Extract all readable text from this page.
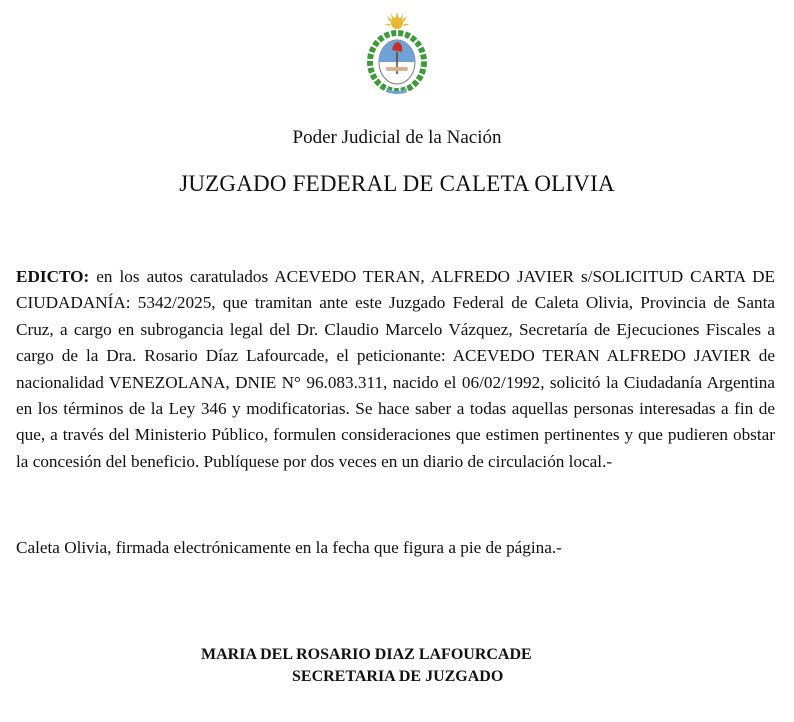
Poder Judicial de la Nación
JUZGADO FEDERAL DE CALETA OLIVIA

EDICTO: en los autos caratulados ACEVEDO TERAN, ALFREDO JAVIER s/SOLICITUD CARTA DE CIUDADANÍA: 5342/2025, que tramitan ante este Juzgado Federal de Caleta Olivia, Provincia de Santa Cruz, a cargo en subrogancia legal del Dr. Claudio Marcelo Vázquez, Secretaría de Ejecuciones Fiscales a cargo de la Dra. Rosario Díaz Lafourcade, el peticionante: ACEVEDO TERAN ALFREDO JAVIER de nacionalidad VENEZOLANA, DNIE N° 96.083.311, nacido el 06/02/1992, solicitó la Ciudadanía Argentina en los términos de la Ley 346 y modificatorias. Se hace saber a todas aquellas personas interesadas a fin de que, a través del Ministerio Público, formulen consideraciones que estimen pertinentes y que pudieren obstar la concesión del beneficio. Publíquese por dos veces en un diario de circulación local.-

Caleta Olivia, firmada electrónicamente en la fecha que figura a pie de página.-

MARIA DEL ROSARIO DIAZ LAFOURCADE
SECRETARIA DE JUZGADO
